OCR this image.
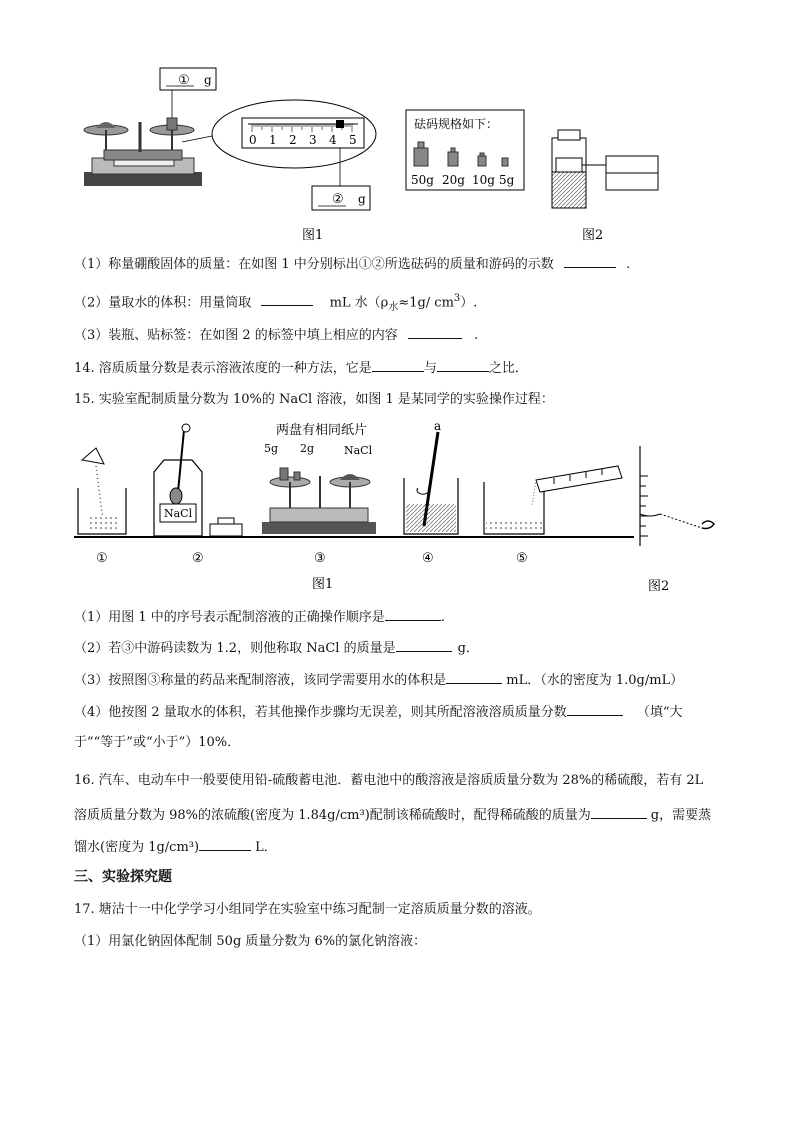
① g
0 1 2 3 4 5
② g
砝码规格如下：
50g 20g 10g 5g
图1	图2
（1）称量硼酸固体的质量：在如图 1 中分别标出①②所选砝码的质量和游码的示数	.
（2）量取水的体积：用量筒取	mL 水（$\rho_水\approx 1g/$ $cm^3$）.
（3）装瓶、贴标签：在如图 2 的标签中填上相应的内容	.
14. 溶质质量分数是表示溶液浓度的一种方法，它是	与	之比．
15. 实验室配制质量分数为 10%的 NaCl 溶液，如图 1 是某同学的实验操作过程：
NaCl
两盘有相同纸片
5g 2g	NaCl
a
①	②	③	④	⑤
图1	图2
（1）用图 1 中的序号表示配制溶液的正确操作顺序是	.
（2）若③中游码读数为 1.2，则他称取 NaCl 的质量是	g．
（3）按照图③称量的药品来配制溶液，该同学需要用水的体积是	mL．（水的密度为 1.0g/mL）
（4）他按图 2 量取水的体积，若其他操作步骤均无误差，则其所配溶液溶质质量分数	（填“大
于”“等于”或“小于”）10%．
16. 汽车、电动车中一般要使用铅-硫酸蓄电池．蓄电池中的酸溶液是溶质质量分数为 28%的稀硫酸，若有 2L
溶质质量分数为 98%的浓硫酸(密度为 1.84g/cm³)配制该稀硫酸时，配得稀硫酸的质量为	g，需要蒸
馏水(密度为 1g/cm³)	L．
三、实验探究题
17. 塘沽十一中化学学习小组同学在实验室中练习配制一定溶质质量分数的溶液。
（1）用氯化钠固体配制 50g 质量分数为 6%的氯化钠溶液：
